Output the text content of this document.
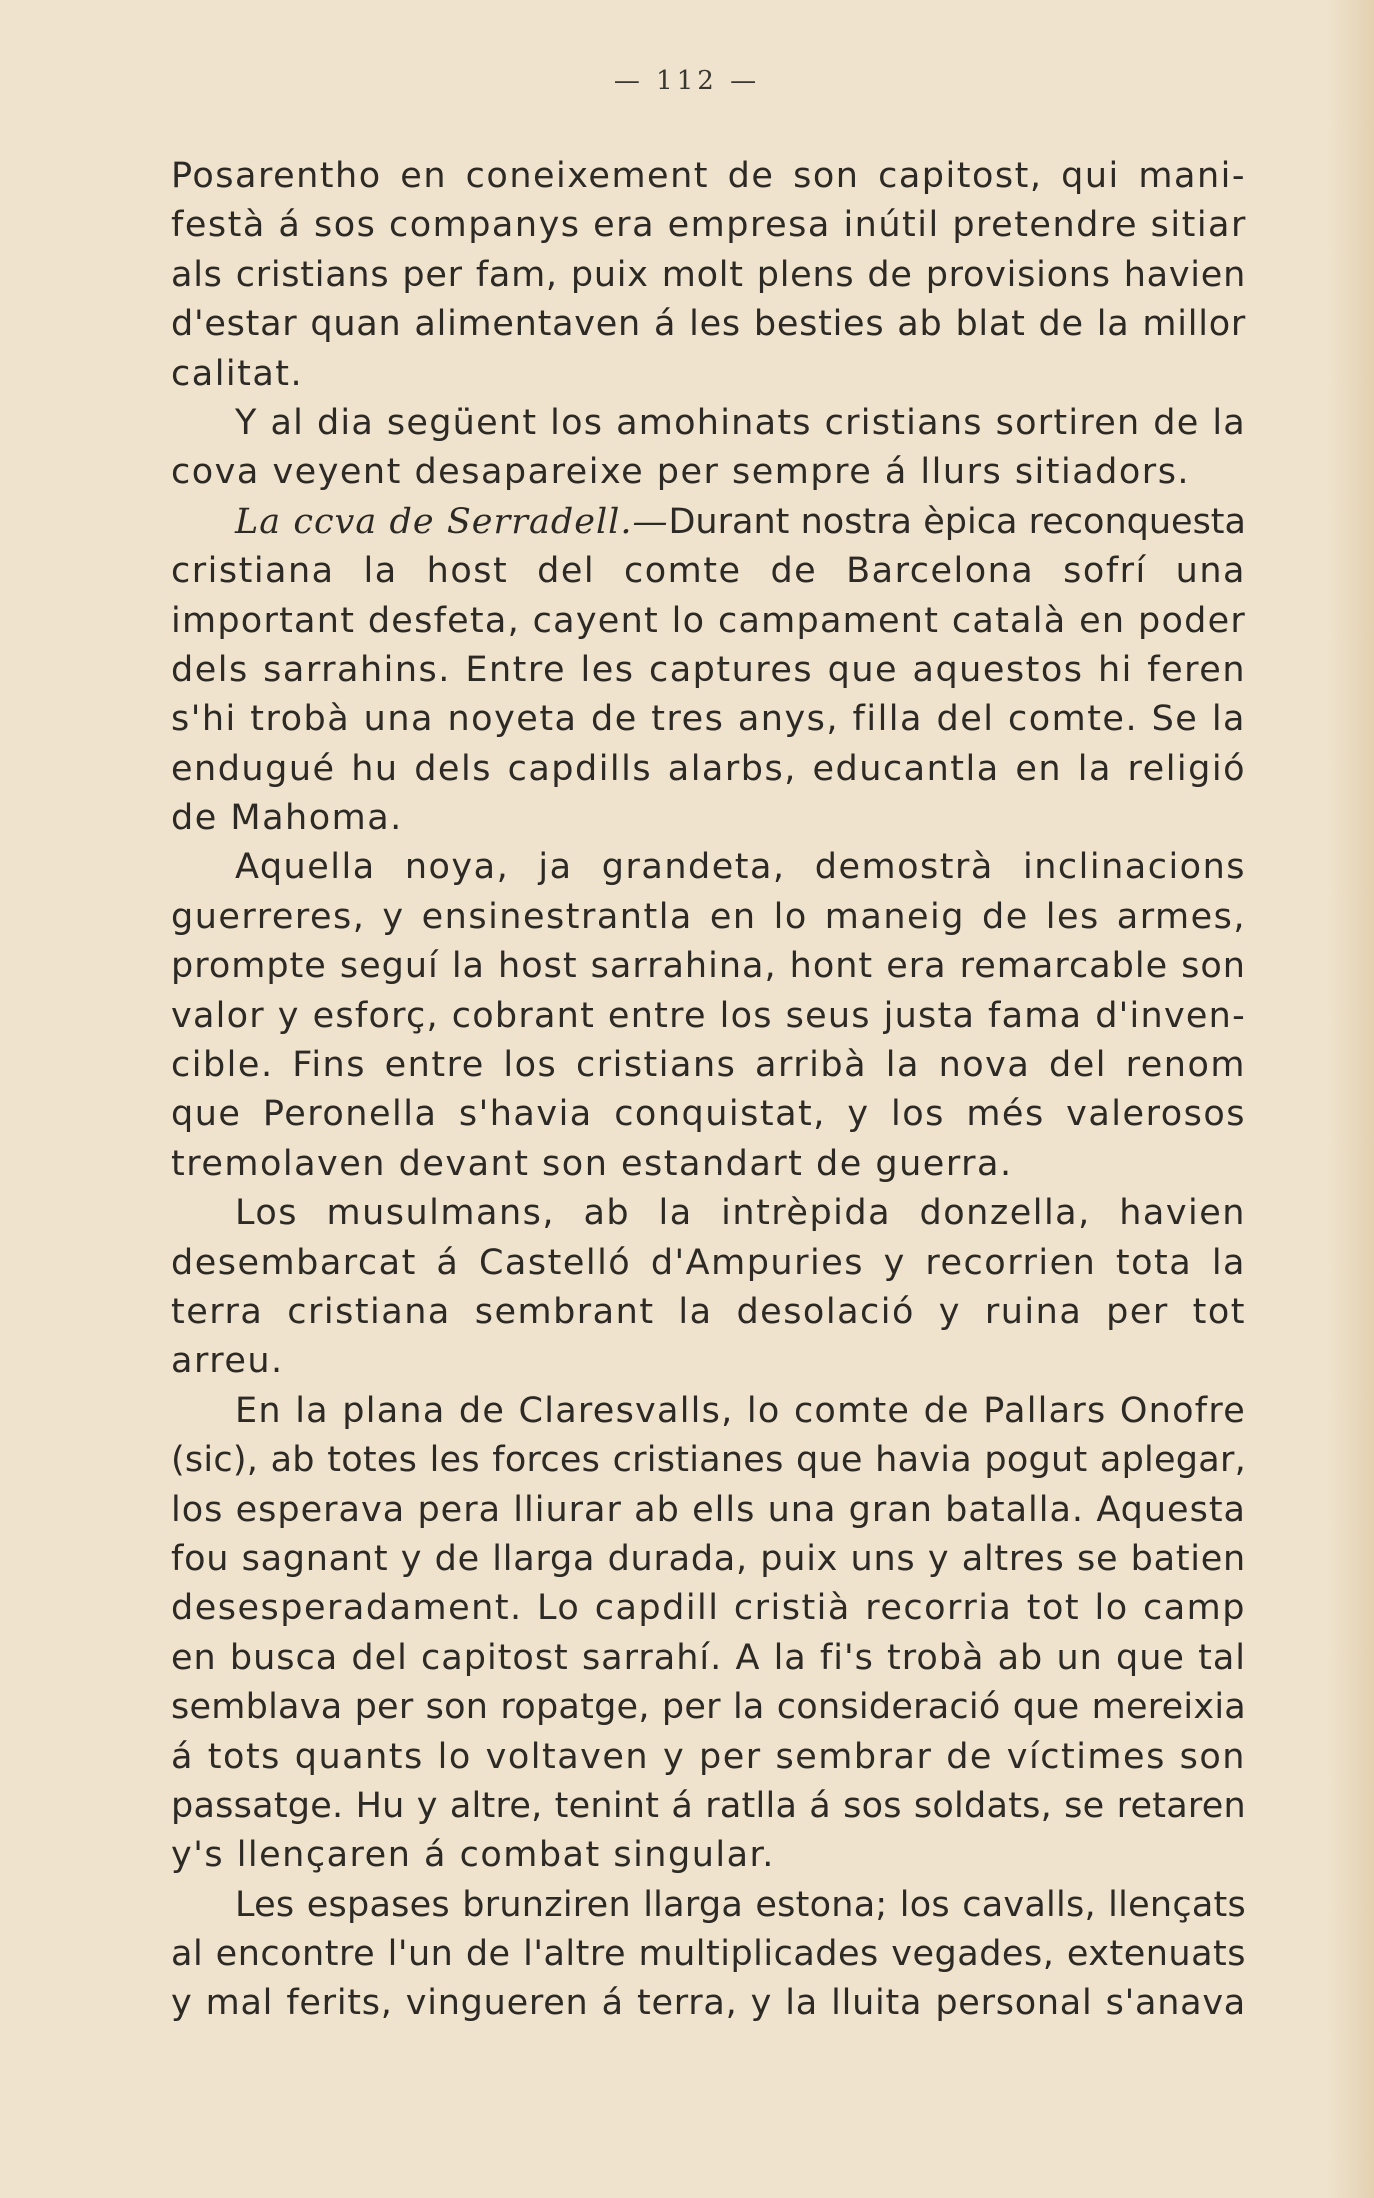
— 112 —
Posarentho en coneixement de son capitost, qui mani-
festà á sos companys era empresa inútil pretendre sitiar
als cristians per fam, puix molt plens de provisions havien
d'estar quan alimentaven á les besties ab blat de la millor
calitat.
Y al dia següent los amohinats cristians sortiren de la
cova veyent desapareixe per sempre á llurs sitiadors.
La ccva de Serradell.—Durant nostra èpica reconquesta
cristiana la host del comte de Barcelona sofrí una
important desfeta, cayent lo campament català en poder
dels sarrahins. Entre les captures que aquestos hi feren
s'hi trobà una noyeta de tres anys, filla del comte. Se la
endugué hu dels capdills alarbs, educantla en la religió
de Mahoma.
Aquella noya, ja grandeta, demostrà inclinacions
guerreres, y ensinestrantla en lo maneig de les armes,
prompte seguí la host sarrahina, hont era remarcable son
valor y esforç, cobrant entre los seus justa fama d'inven-
cible. Fins entre los cristians arribà la nova del renom
que Peronella s'havia conquistat, y los més valerosos
tremolaven devant son estandart de guerra.
Los musulmans, ab la intrèpida donzella, havien
desembarcat á Castelló d'Ampuries y recorrien tota la
terra cristiana sembrant la desolació y ruina per tot
arreu.
En la plana de Claresvalls, lo comte de Pallars Onofre
(sic), ab totes les forces cristianes que havia pogut aplegar,
los esperava pera lliurar ab ells una gran batalla. Aquesta
fou sagnant y de llarga durada, puix uns y altres se batien
desesperadament. Lo capdill cristià recorria tot lo camp
en busca del capitost sarrahí. A la fi's trobà ab un que tal
semblava per son ropatge, per la consideració que mereixia
á tots quants lo voltaven y per sembrar de víctimes son
passatge. Hu y altre, tenint á ratlla á sos soldats, se retaren
y's llençaren á combat singular.
Les espases brunziren llarga estona; los cavalls, llençats
al encontre l'un de l'altre multiplicades vegades, extenuats
y mal ferits, vingueren á terra, y la lluita personal s'anava
